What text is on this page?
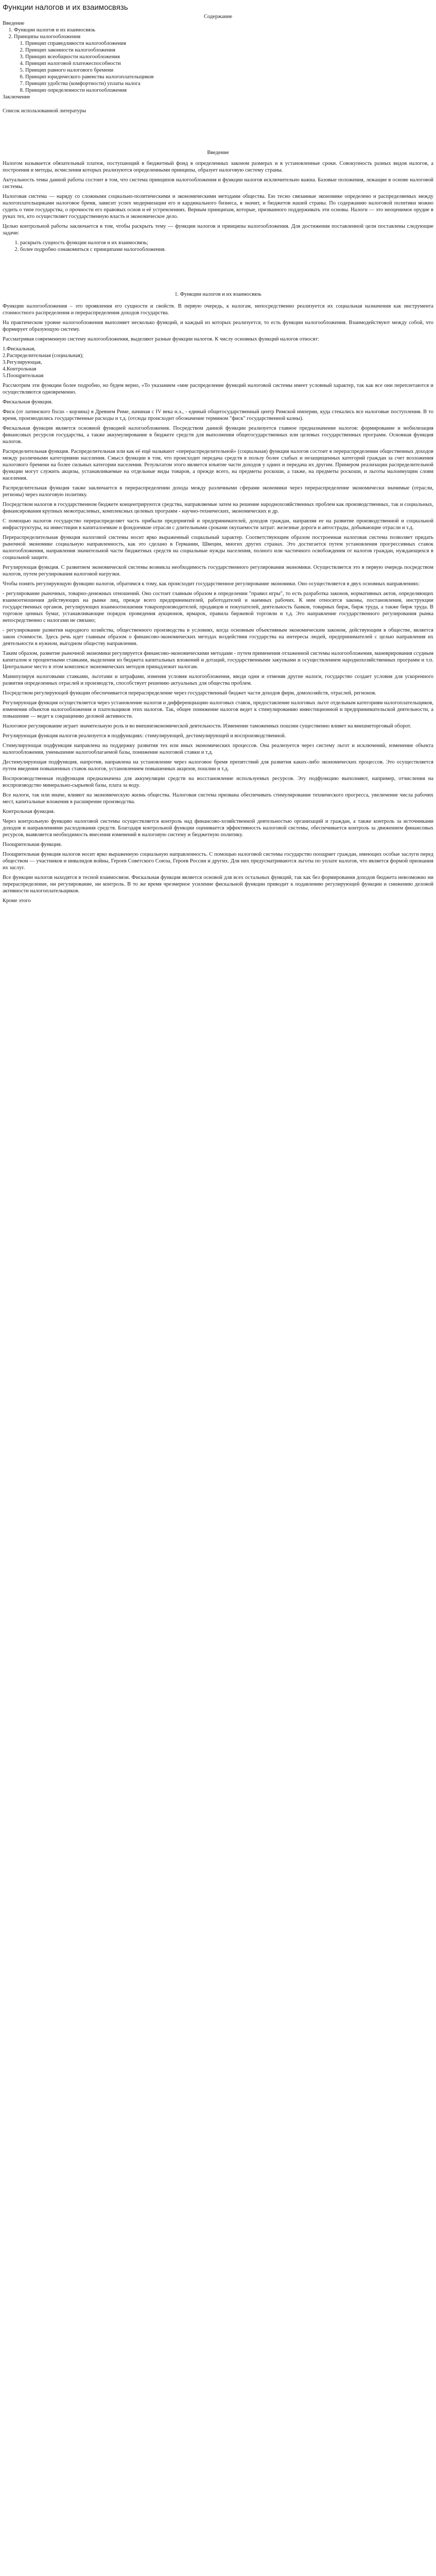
Функции налогов и их взаимосвязь

Содержание

Введение

1. Функции налогов и их взаимосвязь
2. Принципы налогообложения
1. Принцип справедливости налогообложения
2. Принцип законности налогообложения
3. Принцип всеобщности налогообложения
4. Принцип налоговой платежеспособности
5. Принцип равного налогового бремени
6. Принцип юридического равенства налогоплательщиков
7. Принцип удобства (комфортности) уплаты налога
8. Принцип определенности налогообложения

Заключение

Список использованной литературы

Введение

Налогом называется обязательный платеж, поступающий в бюджетный фонд в определенных законом размерах и в установленные сроки. Совокупность разных видов налогов, а построения и методы, исчисления которых реализуются определенными принципы, образует налоговую систему страны.

Актуальность темы данной работы состоит в том, что система принципов налогообложения и функции налогов исключительно важна. Базовые положения, лежащие в основе налоговой системы.

Налоговая система — наряду со сложными социально-политическими и экономическими методами общества. Ею тесно связанные экономике определено и распределяемых между налогоплательщиками налоговое бремя, зависит успех модернизации его и кардинального бизнеса, в значит, и бюджетов нашей страны. По содержанию налоговой политики можно судить о типе государства, о прочности его правовых основ и её устремлениях. Верным принципам, которые, призванного поддерживать эти основы. Налоги — это неоценимое орудие в руках тех, кто осуществляет государственную власть и экономическое дело.

Целью контрольной работы заключается в том, чтобы раскрыть тему — функции налогов и принципы налогообложения. Для достижения поставленной цели поставлены следующие задачи:

1. раскрыть сущность функции налогов и их взаимосвязь;
2. более подробно ознакомиться с принципами налогообложения.

1. Функции налогов и их взаимосвязь

Функции налогообложения – это проявления его сущности и свойств. В первую очередь, к налогам, непосредственно реализуется их социальная назначения как инструмента стоимостного распределения и перераспределения доходов государства.

На практическом уровне налогообложения выполняет несколько функций, и каждый из которых реализуется, то есть функции налогообложения. Взаимодействуют между собой, что формирует образующую систему.

Рассматривая современную систему налогообложения, выделяют разные функции налогов. К числу основных функций налогов относят:

1.Фискальная,

2.Распределительная (социальная);

3.Регулирующая,

4.Контрольная

5.Поощрительная

Рассмотрим эти функции более подробно, но будем верно, «То указанием «мне распределение функций налоговой системы имеет условный характер, так как все они переплетаются и осуществляются одновременно.

Фискальная функция.

Фиск (от латинского fiscus - корзина) в Древнем Риме, начиная с IV века н.э., - единый общегосударственный центр Римской империи, куда стекались все налоговые поступления. В то время, производились государственные расходы и т.д. (отсюда происходит обозначение термином "фиск" государственной казны).

Фискальная функция является основной функцией налогообложения. Посредством данной функции реализуется главное предназначение налогов: формирование и мобилизация финансовых ресурсов государства, а также аккумулирование в бюджете средств для выполнения общегосударственных или целевых государственных программ. Основная функция налогов.

Распределительная функция. Распределительная или как её ещё называют «перераспределительной» (социальная) функция налогов состоит в перераспределении общественных доходов между различными категориями населения. Смысл функции в том, что происходит передача средств в пользу более слабых и незащищенных категорий граждан за счет возложения налогового бремени на более сильных категории населения. Результатом этого является изъятие части доходов у одних и передача их другим. Примером реализации распределительной функции могут служить акцизы, устанавливаемые на отдельные виды товаров, а прежде всего, на предметы роскоши, а также, на предметы роскоши, и льготы малоимущим слоям населения.

Распределительная функция также заключается в перераспределении дохода между различными сферами экономики через перераспределение экономически значимые (отрасли, регионы) через налоговую политику.

Посредством налогов в государственном бюджете концентрируются средства, направляемые затем на решение народнохозяйственных проблем как производственных, так и социальных, финансирования крупных межотраслевых, комплексных целевых программ - научно-технических, экономических и др.

С помощью налогов государство перераспределяет часть прибыли предприятий и предпринимателей, доходов граждан, направляя ее на развитие производственной и социальной инфраструктуры, на инвестиции в капиталоемкие и фондоемкие отрасли с длительными сроками окупаемости затрат: железные дороги и автострады, добывающие отрасли и т.д.

Перераспределительная функция налоговой системы носит ярко выраженный социальный характер. Соответствующим образом построенная налоговая система позволяет придать рыночной экономике социальную направленность, как это сделано в Германии, Швеции, многих других странах. Это достигается путем установления прогрессивных ставок налогообложения, направления значительной части бюджетных средств на социальные нужды населения, полного или частичного освобождения от налогов граждан, нуждающихся в социальной защите.

Регулирующая функция. С развитием экономической системы возникла необходимость государственного регулирования экономики. Осуществляется это в первую очередь посредством налогов, путем регулирования налоговой нагрузки.

Чтобы понять регулирующую функцию налогов, обратимся к тому, как происходит государственное регулирование экономики. Оно осуществляется в двух основных направлениях:

- регулирование рыночных, товарно-денежных отношений. Оно состоит главным образом в определении "правил игры", то есть разработка законов, нормативных актов, определяющих взаимоотношения действующих на рынке лиц, прежде всего предпринимателей, работодателей и наемных рабочих. К ним относятся законы, постановления, инструкции государственных органов, регулирующих взаимоотношения товаропроизводителей, продавцов и покупателей, деятельность банков, товарных бирж, бирж труда, а также бирж труда. В торговле ценных бумаг, устанавливающие порядок проведения аукционов, ярмарок, правила биржевой торговли и т.д. Это направление государственного регулирования рынка непосредственно с налогами не связано;

- регулирование развития народного хозяйства, общественного производства в условиях, когда основным объективным экономическим законом, действующим в обществе, является закон стоимости. Здесь речь идет главным образом о финансово-экономических методах воздействия государства на интересы людей, предпринимателей с целью направления их деятельности в нужном, выгодном обществу направлении.

Таким образом, развитие рыночной экономики регулируется финансово-экономическими методами - путем применения отлаженной системы налогообложения, маневрирования ссудным капиталом и процентными ставками, выделения из бюджета капитальных вложений и дотаций, государственными закупками и осуществлением народнохозяйственных программ и т.п. Центральное место в этом комплексе экономических методов принадлежит налогам.

Манипулируя налоговыми ставками, льготами и штрафами, изменяя условия налогообложения, вводя одни и отменяя другие налоги, государство создает условия для ускоренного развития определенных отраслей и производств, способствует решению актуальных для общества проблем.

Посредством регулирующей функции обеспечивается перераспределение через государственный бюджет части доходов фирм, домохозяйств, отраслей, регионов.

Регулирующая функция осуществляется через установление налогов и дифференциацию налоговых ставок, предоставление налоговых льгот отдельным категориям налогоплательщиков, изменения объектов налогообложения и плательщиков этих налогов. Так, общее понижение налогов ведет к стимулированию инвестиционной и предпринимательской деятельности, а повышение — ведет к сокращению деловой активности.

Налоговое регулирование играет значительную роль и во внешнеэкономической деятельности. Изменение таможенных пошлин существенно влияет на внешнеторговый оборот.

Регулирующая функция налогов реализуется в подфункциях: стимулирующей, дестимулирующей и воспроизводственной.

Стимулирующая подфункция направлена на поддержку развития тех или иных экономических процессов. Она реализуется через систему льгот и исключений, изменение объекта налогообложения, уменьшение налогооблагаемой базы, понижение налоговой ставки и т.д.

Дестимулирующая подфункция, напротив, направлена на установление через налоговое бремя препятствий для развития каких-либо экономических процессов. Это осуществляется путем введения повышенных ставок налогов, установлением повышенных акцизов, пошлин и т.д.

Воспроизводственная подфункция предназначена для аккумуляции средств на восстановление используемых ресурсов. Эту подфункцию выполняют, например, отчисления на воспроизводство минерально-сырьевой базы, плата за воду.

Все налоги, так или иначе, влияют на экономическую жизнь общества. Налоговая система призвана обеспечивать стимулирование технического прогресса, увеличение числа рабочих мест, капитальные вложения в расширение производства.

Контрольная функция.

Через контрольную функцию налоговой системы осуществляется контроль над финансово-хозяйственной деятельностью организаций и граждан, а также контроль за источниками доходов и направлениями расходования средств. Благодаря контрольной функции оценивается эффективность налоговой системы, обеспечивается контроль за движением финансовых ресурсов, выявляется необходимость внесения изменений в налоговую систему и бюджетную политику.

Поощрительная функция.

Поощрительная функция налогов носит ярко выраженную социальную направленность. С помощью налоговой системы государство поощряет граждан, имеющих особые заслуги перед обществом — участников и инвалидов войны, Героев Советского Союза, Героев России и других. Для них предусматриваются льготы по уплате налогов, что является формой признания их заслуг.

Все функции налогов находятся в тесной взаимосвязи. Фискальная функция является основой для всех остальных функций, так как без формирования доходов бюджета невозможно ни перераспределение, ни регулирование, ни контроль. В то же время чрезмерное усиление фискальной функции приводит к подавлению регулирующей функции и снижению деловой активности налогоплательщиков.

Кроме этого
